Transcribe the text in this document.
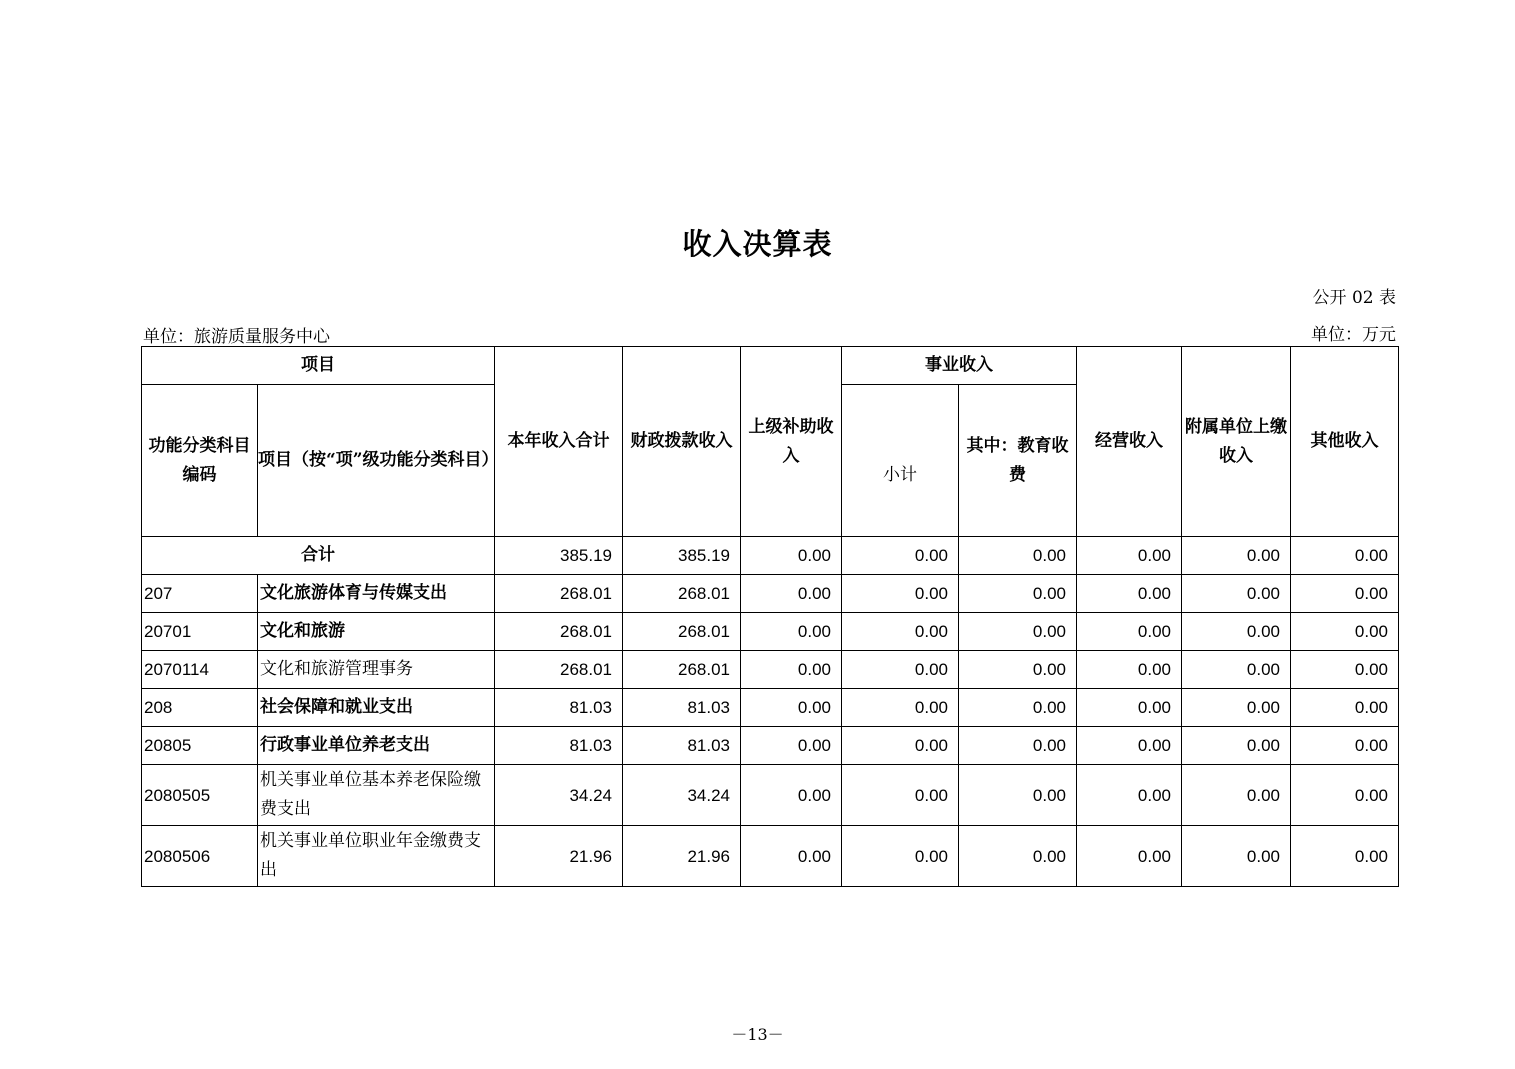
收入决算表
公开 02 表
单位：旅游质量服务中心	单位：万元
项目		本年收入合计	财政拨款收入	上级补助收入	事业收入		经营收入	附属单位上缴收入	其他收入
功能分类科目编码	项目（按“项”级功能分类科目）				小计	其中：教育收费			
合计		385.19	385.19	0.00	0.00	0.00	0.00	0.00	0.00
207	文化旅游体育与传媒支出	268.01	268.01	0.00	0.00	0.00	0.00	0.00	0.00
20701	文化和旅游	268.01	268.01	0.00	0.00	0.00	0.00	0.00	0.00
2070114	文化和旅游管理事务	268.01	268.01	0.00	0.00	0.00	0.00	0.00	0.00
208	社会保障和就业支出	81.03	81.03	0.00	0.00	0.00	0.00	0.00	0.00
20805	行政事业单位养老支出	81.03	81.03	0.00	0.00	0.00	0.00	0.00	0.00
2080505	机关事业单位基本养老保险缴费支出	34.24	34.24	0.00	0.00	0.00	0.00	0.00	0.00
2080506	机关事业单位职业年金缴费支出	21.96	21.96	0.00	0.00	0.00	0.00	0.00	0.00
－13－
